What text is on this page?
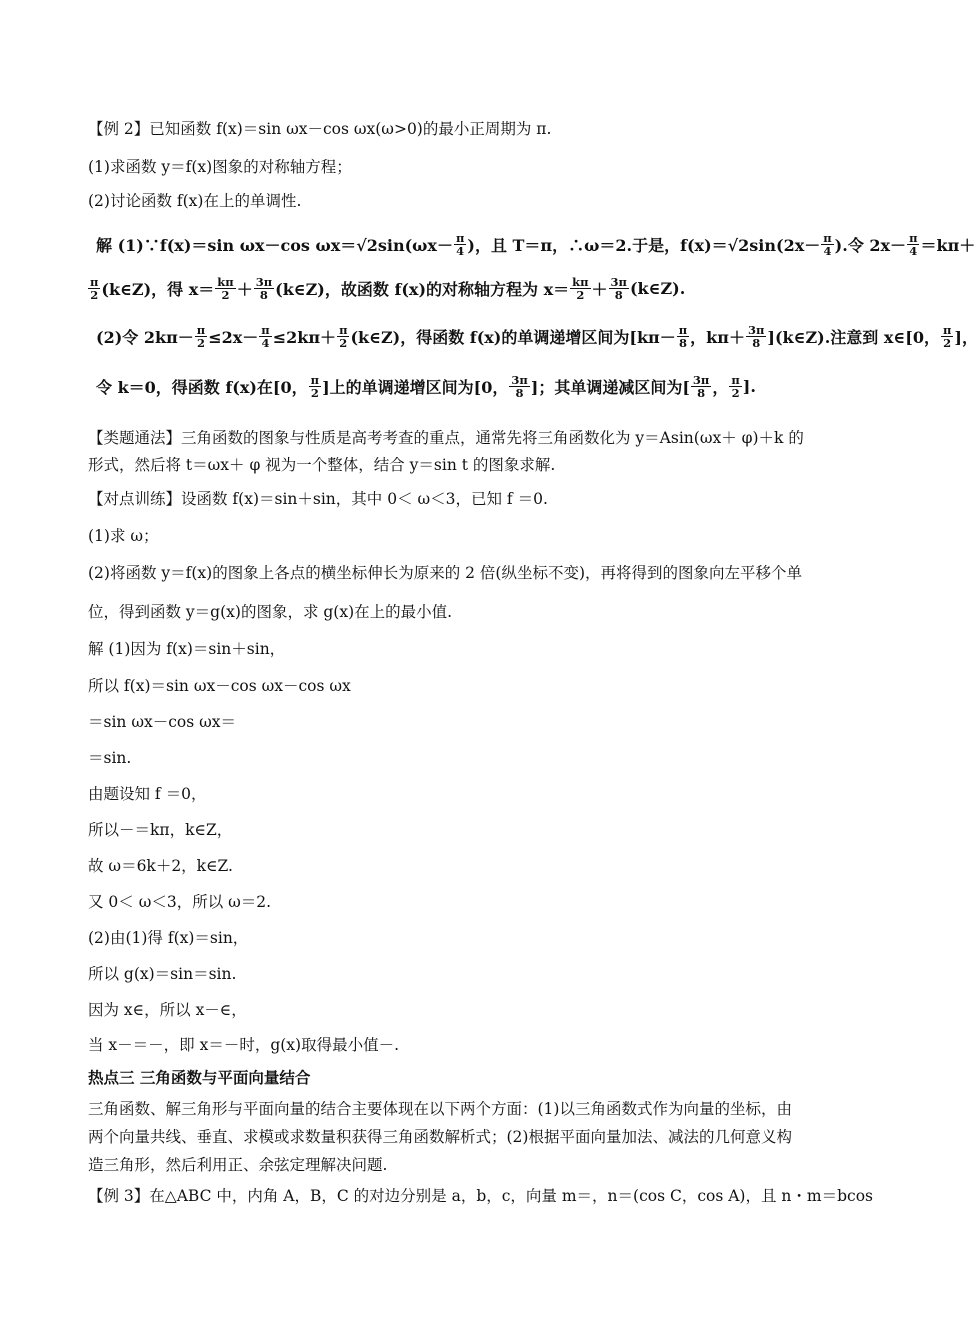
【例 2】已知函数 f(x)＝sin ωx－cos ωx(ω>0)的最小正周期为 π.
(1)求函数 y＝f(x)图象的对称轴方程；
(2)讨论函数 f(x)在上的单调性.
解 (1)∵f(x)＝sin ωx－cos $\omega x=√2\sin(\omega x- \frac{\pi}{4}$ )，且 T＝π，∴ω＝2.于是，$f(x)=√2\sin(2x- \frac{\pi}{4}$ ).令 $2x- \frac{\pi}{4} =k\pi+$
$\frac{\pi}{2}$ (k∈Z)，得 $x= \frac{k\pi}{2} + \frac{3\pi}{8}$ (k∈Z)，故函数 f(x)的对称轴方程为 $x= \frac{k\pi}{2} + \frac{3\pi}{8}$ (k∈Z).
(2)令 $2k\pi- \frac{\pi}{2} \le 2x- \frac{\pi}{4} \le 2k\pi+ \frac{\pi}{2}$ (k∈Z)，得函数 f(x)的单调递增区间为[$k\pi- \frac{\pi}{8}$ ，$k\pi+ \frac{3\pi}{8}$ ](k∈Z).注意到 x∈[0， $\frac{\pi}{2}$ ]，
令 k＝0，得函数 f(x)在[0， $\frac{\pi}{2}$ ]上的单调递增区间为[0， $\frac{3\pi}{8}$ ]；其单调递减区间为[ $\frac{3\pi}{8}$ ， $\frac{\pi}{2}$ ].
【类题通法】三角函数的图象与性质是高考考查的重点，通常先将三角函数化为 y＝Asin(ωx＋ φ)＋k 的
形式，然后将 t＝ωx＋ φ 视为一个整体，结合 y＝sin t 的图象求解.
【对点训练】设函数 f(x)＝sin＋sin，其中 0＜ ω＜3，已知 f ＝0.
(1)求 ω；
(2)将函数 y＝f(x)的图象上各点的横坐标伸长为原来的 2 倍(纵坐标不变)，再将得到的图象向左平移个单
位，得到函数 y＝g(x)的图象，求 g(x)在上的最小值.
解 (1)因为 f(x)＝sin＋sin，
所以 f(x)＝sin ωx－cos ωx－cos ωx
＝sin ωx－cos ωx＝
＝sin.
由题设知 f ＝0，
所以－＝kπ，k∈Z，
故 ω＝6k＋2，k∈Z.
又 0＜ ω＜3，所以 ω＝2.
(2)由(1)得 f(x)＝sin，
所以 g(x)＝sin＝sin.
因为 x∈，所以 x－∈，
当 x－＝－，即 x＝－时，g(x)取得最小值－.
热点三 三角函数与平面向量结合
三角函数、解三角形与平面向量的结合主要体现在以下两个方面：(1)以三角函数式作为向量的坐标，由
两个向量共线、垂直、求模或求数量积获得三角函数解析式；(2)根据平面向量加法、减法的几何意义构
造三角形，然后利用正、余弦定理解决问题.
【例 3】在△ABC 中，内角 A，B，C 的对边分别是 a，b，c，向量 m＝，n＝(cos C，cos A)，且 n・m＝bcos
